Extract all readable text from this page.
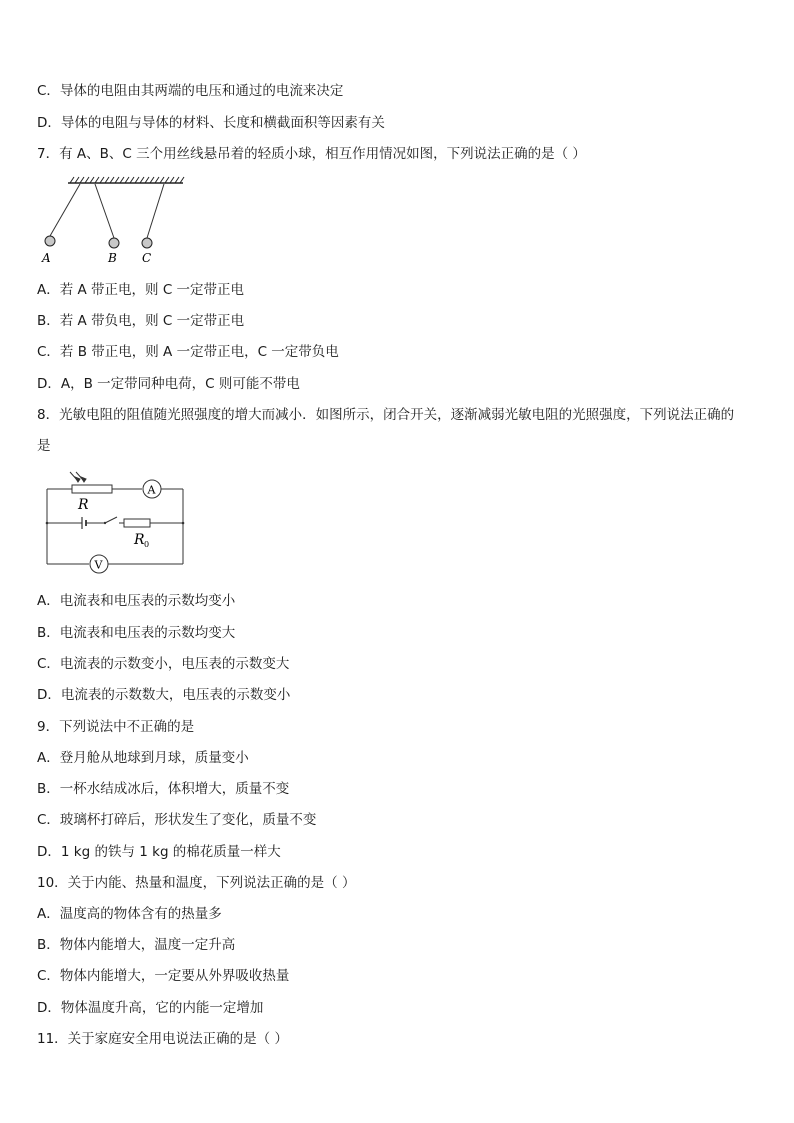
C．导体的电阻由其两端的电压和通过的电流来决定
D．导体的电阻与导体的材料、长度和横截面积等因素有关
7．有 A、B、C 三个用丝线悬吊着的轻质小球，相互作用情况如图，下列说法正确的是（ ）
A	B C
A．若 A 带正电，则 C 一定带正电
B．若 A 带负电，则 C 一定带正电
C．若 B 带正电，则 A 一定带正电，C 一定带负电
D．A，B 一定带同种电荷，C 则可能不带电
8．光敏电阻的阻值随光照强度的增大而减小．如图所示，闭合开关，逐渐减弱光敏电阻的光照强度，下列说法正确的
是
A
R
R 0
V
A．电流表和电压表的示数均变小
B．电流表和电压表的示数均变大
C．电流表的示数变小，电压表的示数变大
D．电流表的示数数大，电压表的示数变小
9．下列说法中不正确的是
A．登月舱从地球到月球，质量变小
B．一杯水结成冰后，体积增大，质量不变
C．玻璃杯打碎后，形状发生了变化，质量不变
D．1 kg 的铁与 1 kg 的棉花质量一样大
10．关于内能、热量和温度，下列说法正确的是（ ）
A．温度高的物体含有的热量多
B．物体内能增大，温度一定升高
C．物体内能增大，一定要从外界吸收热量
D．物体温度升高，它的内能一定增加
11．关于家庭安全用电说法正确的是（ ）
